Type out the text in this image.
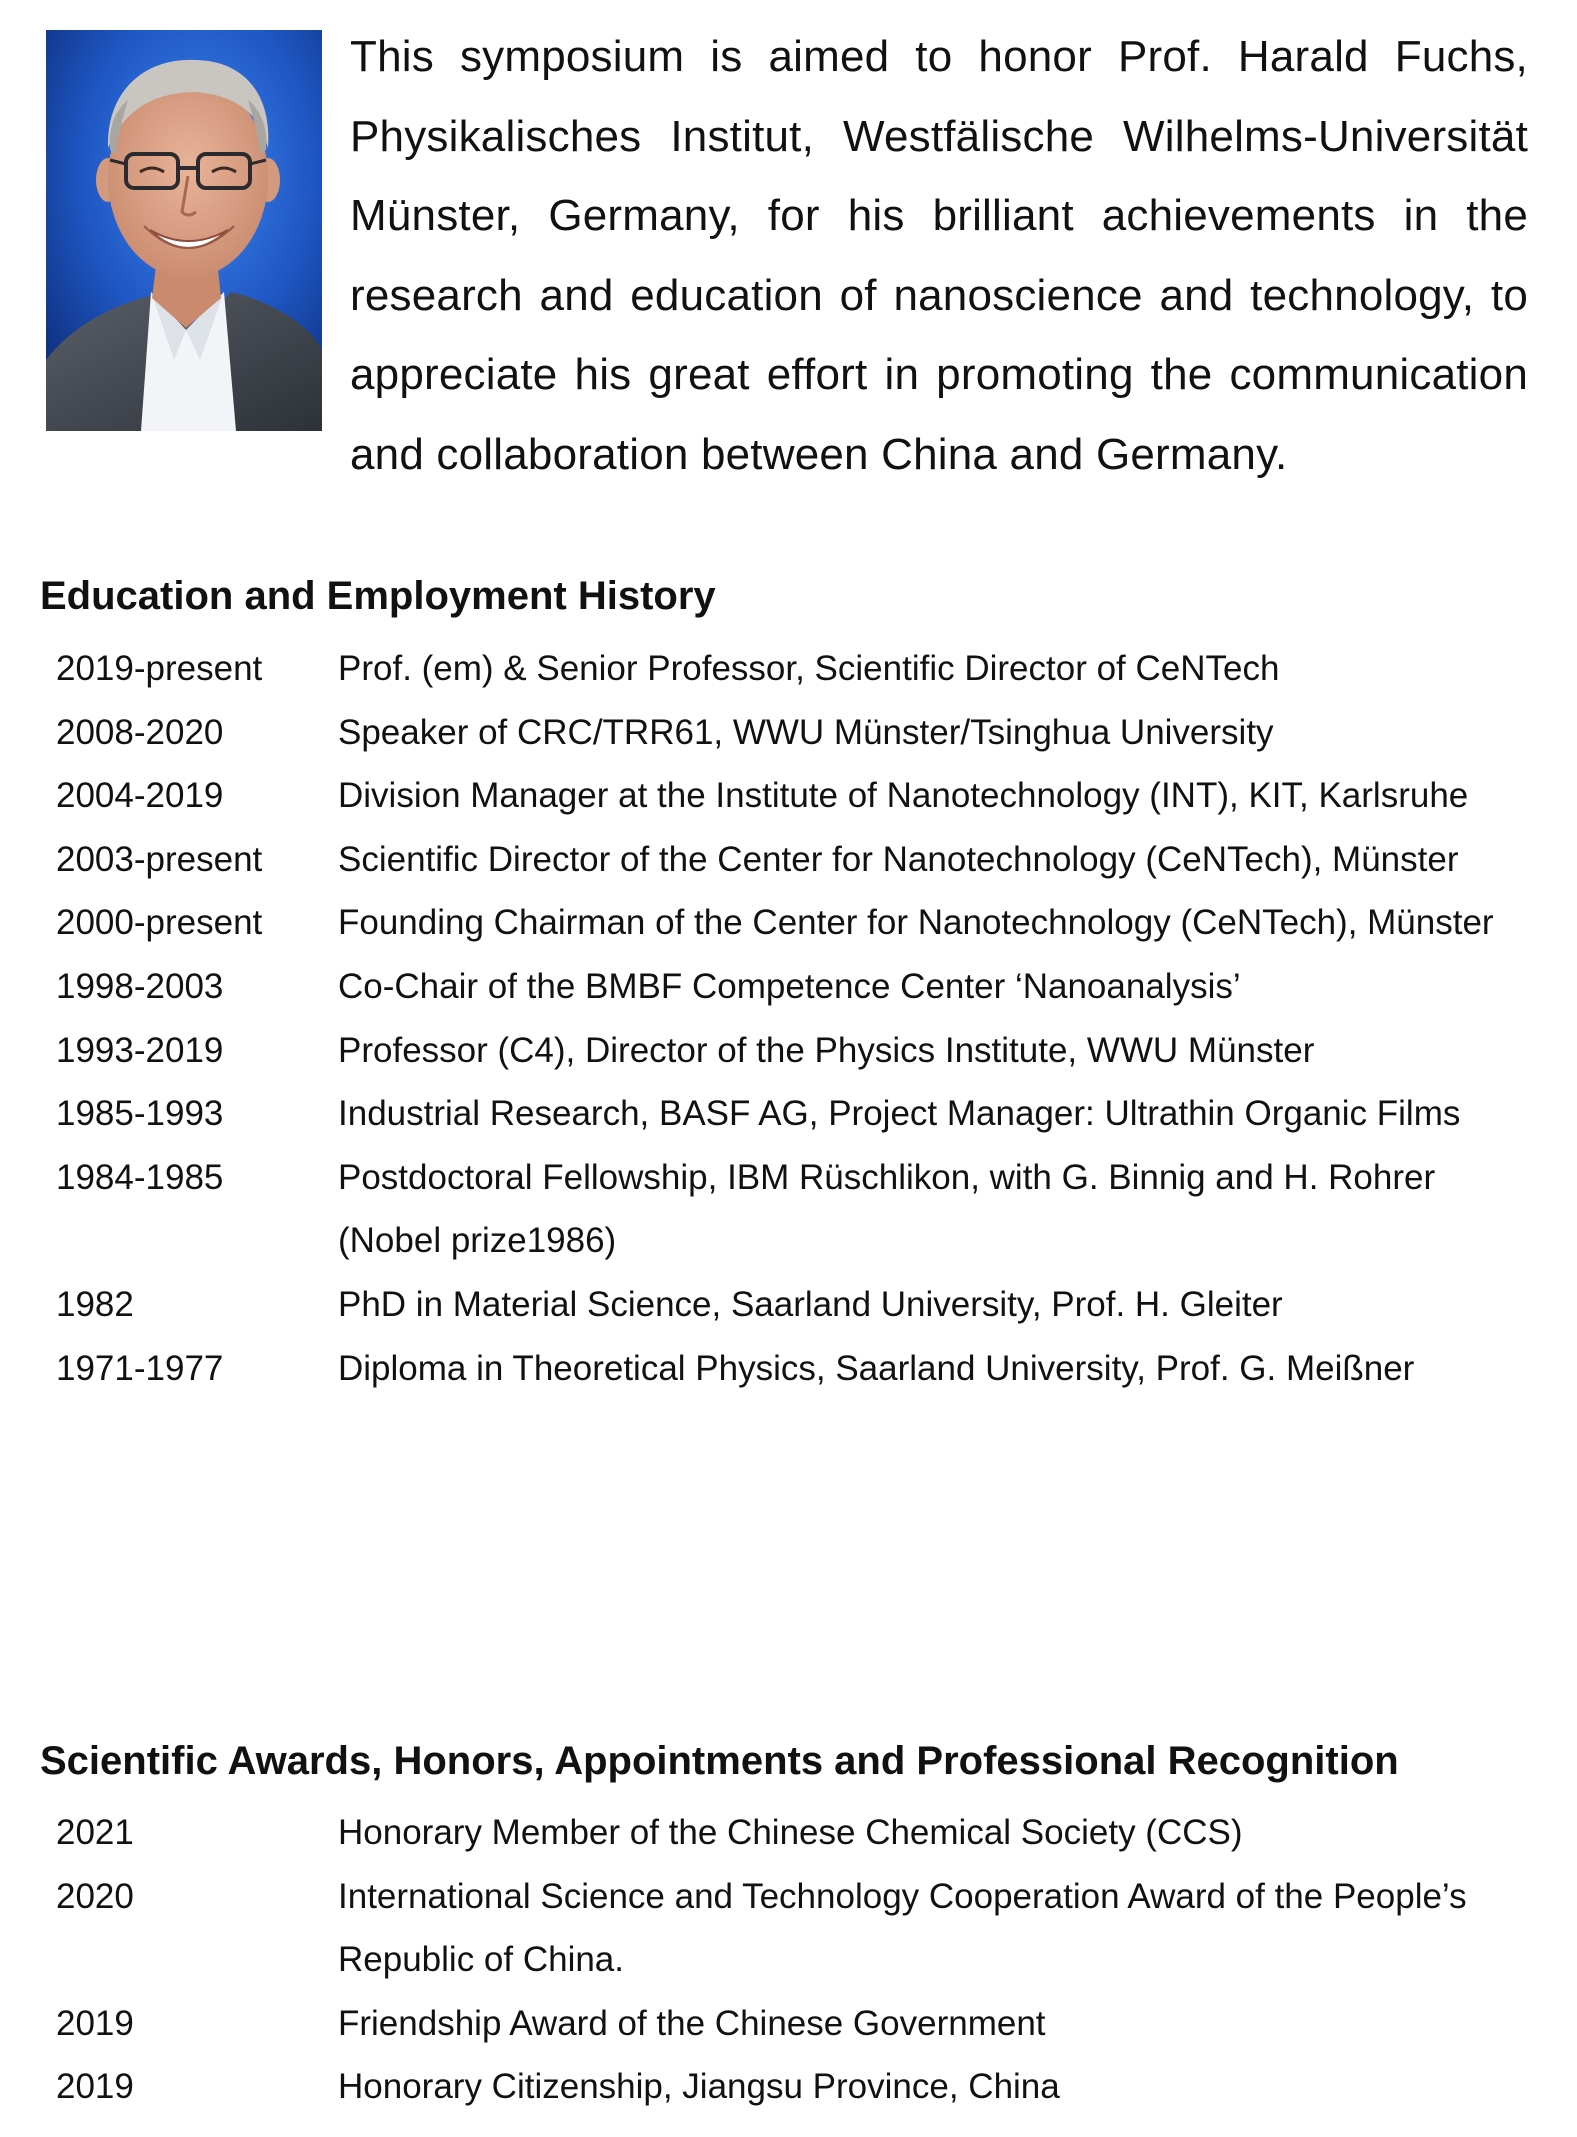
This symposium is aimed to honor Prof. Harald Fuchs, Physikalisches Institut, Westfälische Wilhelms-Universität Münster, Germany, for his brilliant achievements in the research and education of nanoscience and technology, to appreciate his great effort in promoting the communication and collaboration between China and Germany.

Education and Employment History
2019-present	Prof. (em) & Senior Professor, Scientific Director of CeNTech
2008-2020	Speaker of CRC/TRR61, WWU Münster/Tsinghua University
2004-2019	Division Manager at the Institute of Nanotechnology (INT), KIT, Karlsruhe
2003-present	Scientific Director of the Center for Nanotechnology (CeNTech), Münster
2000-present	Founding Chairman of the Center for Nanotechnology (CeNTech), Münster
1998-2003	Co-Chair of the BMBF Competence Center ‘Nanoanalysis’
1993-2019	Professor (C4), Director of the Physics Institute, WWU Münster
1985-1993	Industrial Research, BASF AG, Project Manager: Ultrathin Organic Films
1984-1985	Postdoctoral Fellowship, IBM Rüschlikon, with G. Binnig and H. Rohrer (Nobel prize1986)
1982	PhD in Material Science, Saarland University, Prof. H. Gleiter
1971-1977	Diploma in Theoretical Physics, Saarland University, Prof. G. Meißner
Scientific Awards, Honors, Appointments and Professional Recognition
2021	Honorary Member of the Chinese Chemical Society (CCS)
2020	International Science and Technology Cooperation Award of the People’s Republic of China.
2019	Friendship Award of the Chinese Government
2019	Honorary Citizenship, Jiangsu Province, China
